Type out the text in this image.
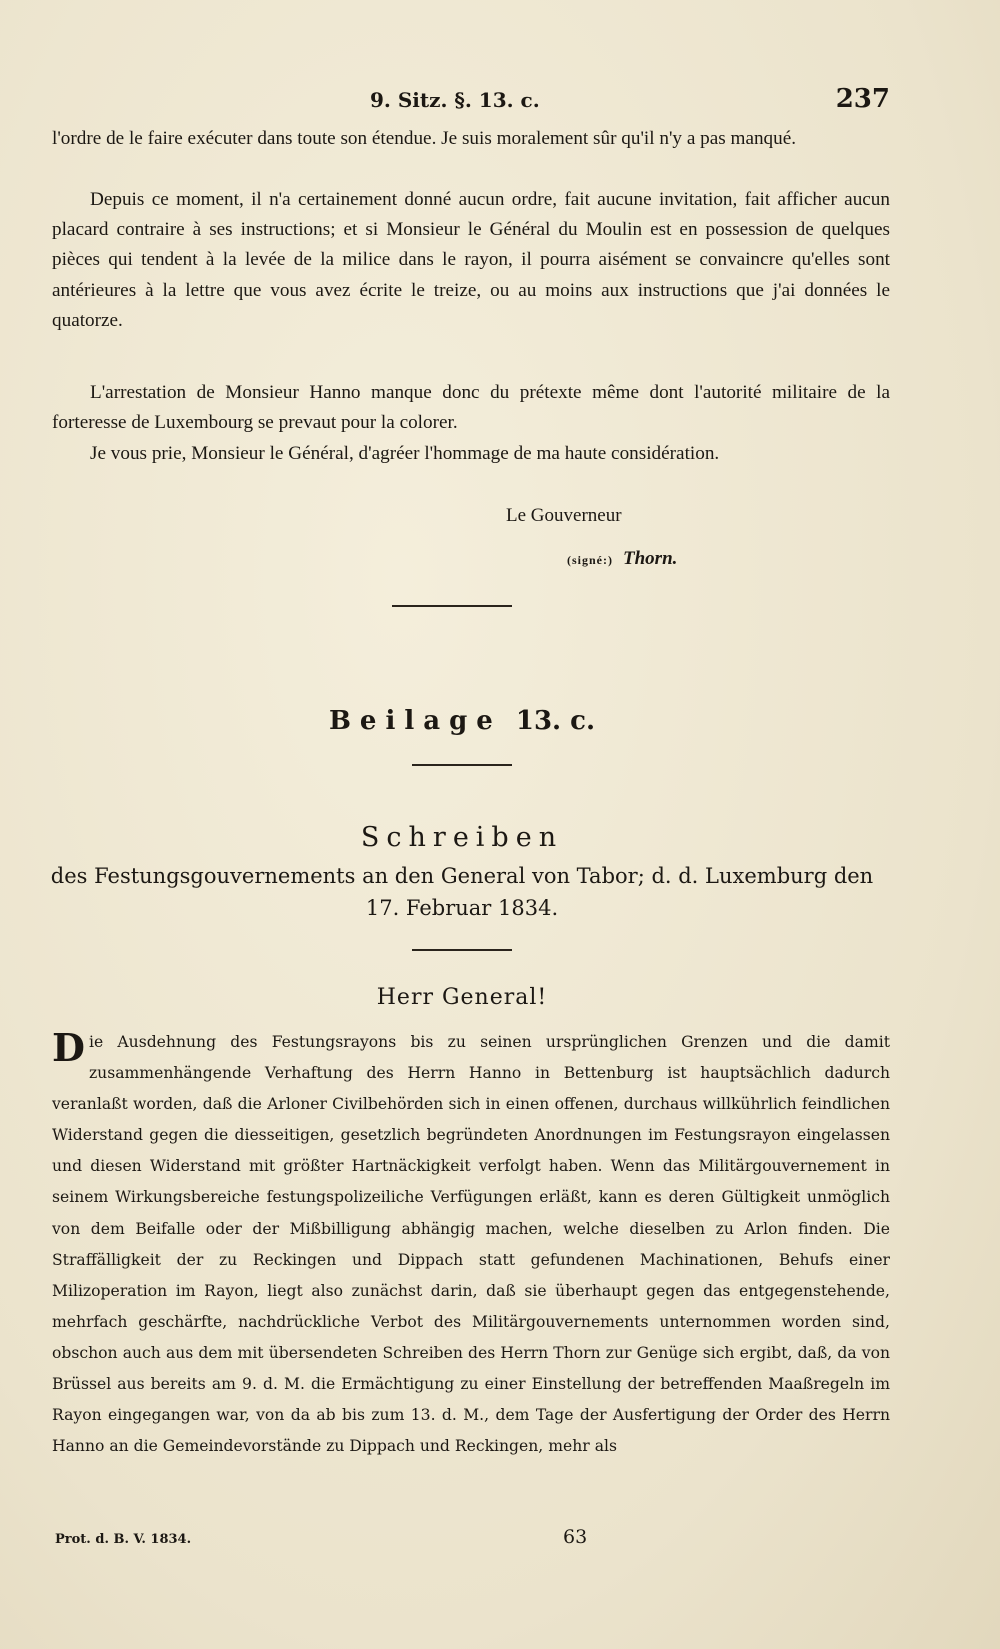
9. Sitz. §. 13. c.	237

l'ordre de le faire exécuter dans toute son étendue. Je suis moralement sûr qu'il n'y a pas manqué.

Depuis ce moment, il n'a certainement donné aucun ordre, fait aucune invitation, fait afficher aucun placard contraire à ses instructions; et si Monsieur le Général du Moulin est en possession de quelques pièces qui tendent à la levée de la milice dans le rayon, il pourra aisément se convaincre qu'elles sont antérieures à la lettre que vous avez écrite le treize, ou au moins aux instructions que j'ai données le quatorze.

L'arrestation de Monsieur Hanno manque donc du prétexte même dont l'autorité militaire de la forteresse de Luxembourg se prevaut pour la colorer.

Je vous prie, Monsieur le Général, d'agréer l'hommage de ma haute considération.

Le Gouverneur
(signé:) Thorn.
Beilage 13. c.
Schreiben

des Festungsgouvernements an den General von Tabor; d. d. Luxemburg den 17. Februar 1834.

Herr General!

Die Ausdehnung des Festungsrayons bis zu seinen ursprünglichen Grenzen und die damit zusammenhängende Verhaftung des Herrn Hanno in Bettenburg ist hauptsächlich dadurch veranlaßt worden, daß die Arloner Civilbehörden sich in einen offenen, durchaus willkührlich feindlichen Widerstand gegen die diesseitigen, gesetzlich begründeten Anordnungen im Festungsrayon eingelassen und diesen Widerstand mit größter Hartnäckigkeit verfolgt haben. Wenn das Militärgouvernement in seinem Wirkungsbereiche festungspolizeiliche Verfügungen erläßt, kann es deren Gültigkeit unmöglich von dem Beifalle oder der Mißbilligung abhängig machen, welche dieselben zu Arlon finden. Die Straffälligkeit der zu Reckingen und Dippach statt gefundenen Machinationen, Behufs einer Milizoperation im Rayon, liegt also zunächst darin, daß sie überhaupt gegen das entgegenstehende, mehrfach geschärfte, nachdrückliche Verbot des Militärgouvernements unternommen worden sind, obschon auch aus dem mit übersendeten Schreiben des Herrn Thorn zur Genüge sich ergibt, daß, da von Brüssel aus bereits am 9. d. M. die Ermächtigung zu einer Einstellung der betreffenden Maaßregeln im Rayon eingegangen war, von da ab bis zum 13. d. M., dem Tage der Ausfertigung der Order des Herrn Hanno an die Gemeindevorstände zu Dippach und Reckingen, mehr als

Prot. d. B. V. 1834.	63
